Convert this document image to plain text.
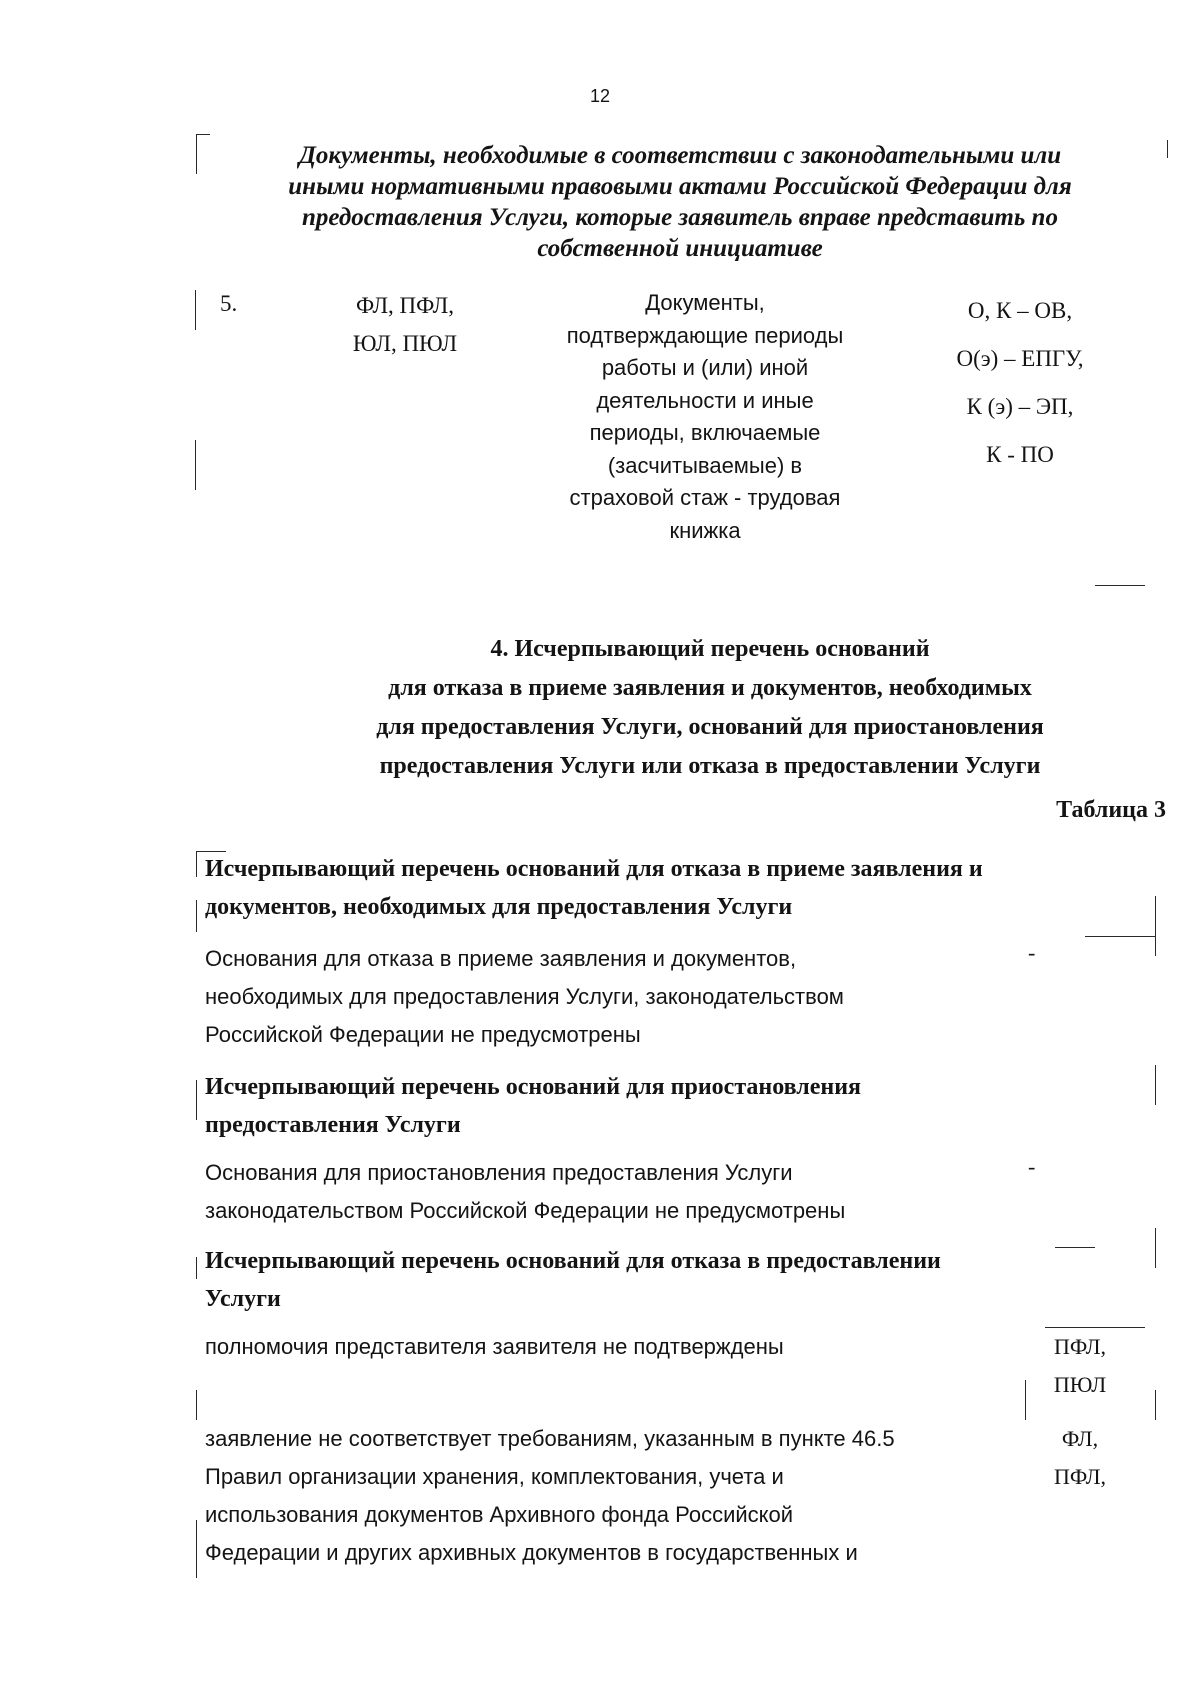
12
Документы, необходимые в соответствии с законодательными или
иными нормативными правовыми актами Российской Федерации для
предоставления Услуги, которые заявитель вправе представить по
собственной инициативе
5.	ФЛ, ПФЛ,
ЮЛ, ПЮЛ
Документы,
подтверждающие периоды
работы и (или) иной
деятельности и иные
периоды, включаемые
(засчитываемые) в
страховой стаж - трудовая
книжка
О, К – ОВ,
О(э) – ЕПГУ,
К (э) – ЭП,
К - ПО
4. Исчерпывающий перечень оснований
для отказа в приеме заявления и документов, необходимых
для предоставления Услуги, оснований для приостановления
предоставления Услуги или отказа в предоставлении Услуги
Таблица 3
Исчерпывающий перечень оснований для отказа в приеме заявления и
документов, необходимых для предоставления Услуги
Основания для отказа в приеме заявления и документов,
необходимых для предоставления Услуги, законодательством
Российской Федерации не предусмотрены
-
Исчерпывающий перечень оснований для приостановления
предоставления Услуги
Основания для приостановления предоставления Услуги
законодательством Российской Федерации не предусмотрены
-
Исчерпывающий перечень оснований для отказа в предоставлении
Услуги
полномочия представителя заявителя не подтверждены	ПФЛ,
ПЮЛ
заявление не соответствует требованиям, указанным в пункте 46.5
Правил организации хранения, комплектования, учета и
использования документов Архивного фонда Российской
Федерации и других архивных документов в государственных и
ФЛ,
ПФЛ,
